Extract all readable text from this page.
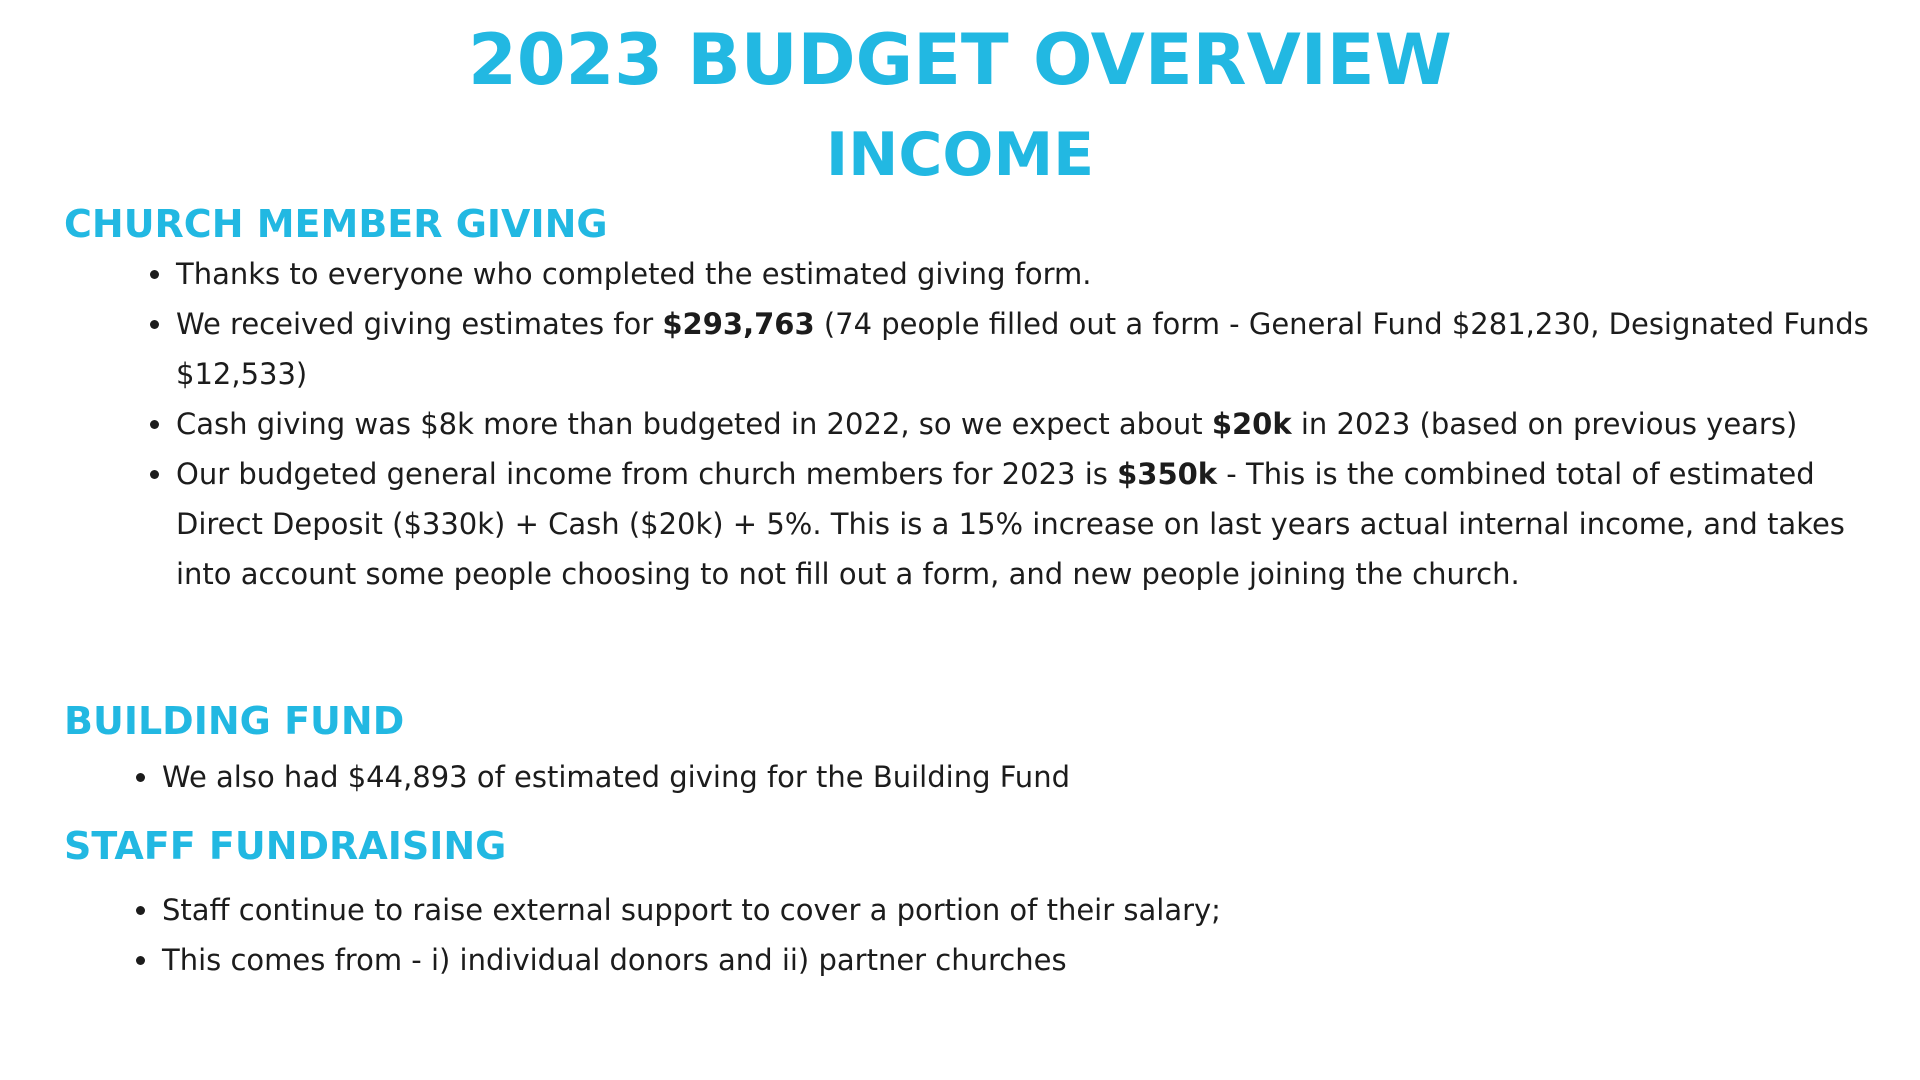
2023 BUDGET OVERVIEW
INCOME
CHURCH MEMBER GIVING
Thanks to everyone who completed the estimated giving form.
We received giving estimates for $293,763 (74 people filled out a form - General Fund $281,230, Designated Funds $12,533)
Cash giving was $8k more than budgeted in 2022, so we expect about $20k in 2023 (based on previous years)
Our budgeted general income from church members for 2023 is $350k - This is the combined total of estimated Direct Deposit ($330k) + Cash ($20k) + 5%. This is a 15% increase on last years actual internal income, and takes into account some people choosing to not fill out a form, and new people joining the church.
BUILDING FUND
We also had $44,893 of estimated giving for the Building Fund
STAFF FUNDRAISING
Staff continue to raise external support to cover a portion of their salary;
This comes from - i) individual donors and ii) partner churches
